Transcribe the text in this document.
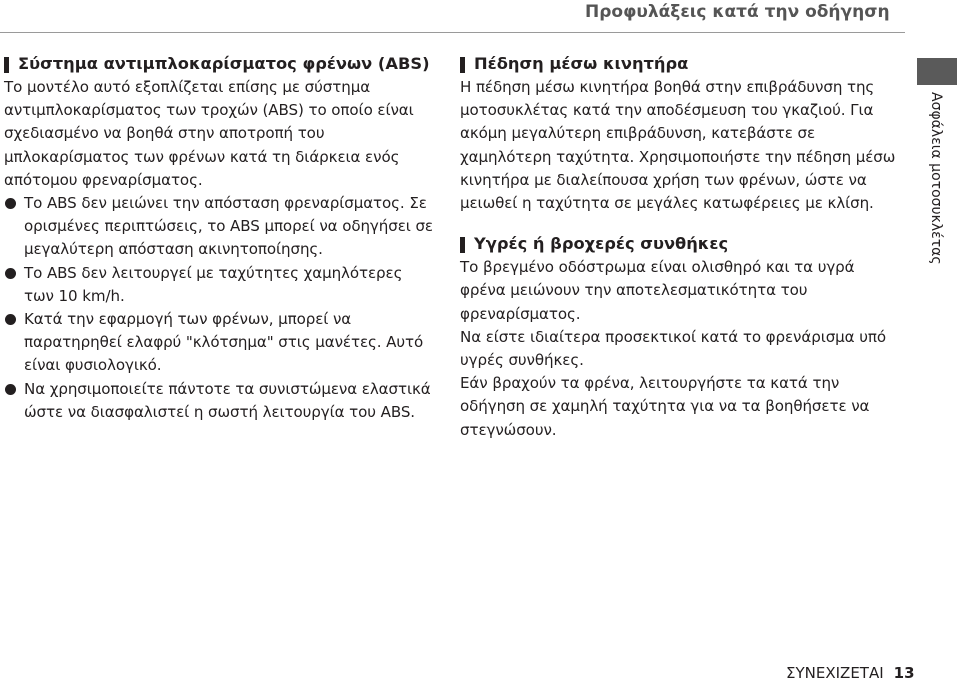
Προφυλάξεις κατά την οδήγηση
Ασφάλεια μοτοσυκλέτας
Σύστημα αντιμπλοκαρίσματος φρένων (ABS)

Το μοντέλο αυτό εξοπλίζεται επίσης με σύστημα αντιμπλοκαρίσματος των τροχών (ABS) το οποίο είναι σχεδιασμένο να βοηθά στην αποτροπή του μπλοκαρίσματος των φρένων κατά τη διάρκεια ενός απότομου φρεναρίσματος.

Το ABS δεν μειώνει την απόσταση φρεναρίσματος. Σε ορισμένες περιπτώσεις, το ABS μπορεί να οδηγήσει σε μεγαλύτερη απόσταση ακινητοποίησης.
Το ABS δεν λειτουργεί με ταχύτητες χαμηλότερες των 10 km/h.
Κατά την εφαρμογή των φρένων, μπορεί να παρατηρηθεί ελαφρύ "κλότσημα" στις μανέτες. Αυτό είναι φυσιολογικό.
Να χρησιμοποιείτε πάντοτε τα συνιστώμενα ελαστικά ώστε να διασφαλιστεί η σωστή λειτουργία του ABS.
Πέδηση μέσω κινητήρα

Η πέδηση μέσω κινητήρα βοηθά στην επιβράδυνση της μοτοσυκλέτας κατά την αποδέσμευση του γκαζιού. Για ακόμη μεγαλύτερη επιβράδυνση, κατεβάστε σε χαμηλότερη ταχύτητα. Χρησιμοποιήστε την πέδηση μέσω κινητήρα με διαλείπουσα χρήση των φρένων, ώστε να μειωθεί η ταχύτητα σε μεγάλες κατωφέρειες με κλίση.

Υγρές ή βροχερές συνθήκες

Το βρεγμένο οδόστρωμα είναι ολισθηρό και τα υγρά φρένα μειώνουν την αποτελεσματικότητα του φρεναρίσματος.

Να είστε ιδιαίτερα προσεκτικοί κατά το φρενάρισμα υπό υγρές συνθήκες.

Εάν βραχούν τα φρένα, λειτουργήστε τα κατά την οδήγηση σε χαμηλή ταχύτητα για να τα βοηθήσετε να στεγνώσουν.

ΣΥΝΕΧΙΖΕΤΑΙ 13
